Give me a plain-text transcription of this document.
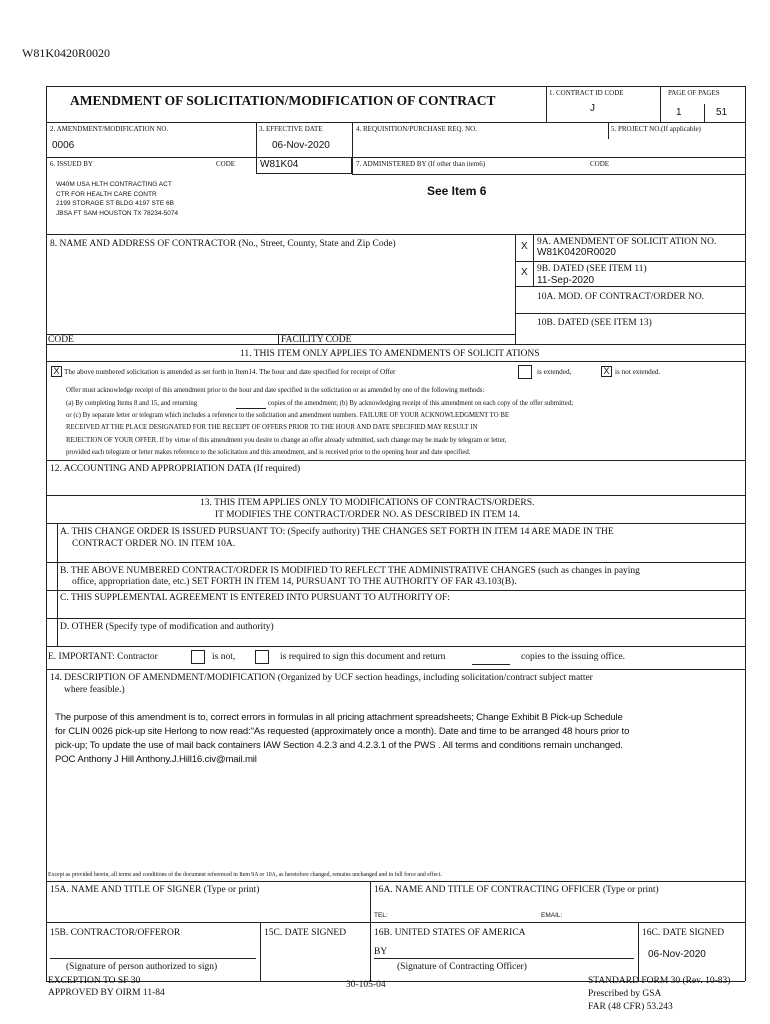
W81K0420R0020
AMENDMENT OF SOLICITATION/MODIFICATION OF CONTRACT	1. CONTRACT ID CODE
J
PAGE OF PAGES
1	51
2. AMENDMENT/MODIFICATION NO.
0006
3. EFFECTIVE DATE
06-Nov-2020
4. REQUISITION/PURCHASE REQ. NO.	5. PROJECT NO.(If applicable)
6. ISSUED BY	CODE W81K04	7. ADMINISTERED BY (If other than item6)	CODE
W40M USA HLTH CONTRACTING ACT
CTR FOR HEALTH CARE CONTR
2199 STORAGE ST BLDG 4197 STE 6B
JBSA FT SAM HOUSTON TX 78234-5074
See Item 6
8. NAME AND ADDRESS OF CONTRACTOR (No., Street, County, State and Zip Code)	X 9A. AMENDMENT OF SOLICIT ATION NO.
W81K0420R0020
X 9B. DATED (SEE ITEM 11)
11-Sep-2020
10A. MOD. OF CONTRACT/ORDER NO.
10B. DATED (SEE ITEM 13)
CODE	FACILITY CODE
11. THIS ITEM ONLY APPLIES TO AMENDMENTS OF SOLICIT ATIONS
X The above numbered solicitation is amended as set forth in Item14. The hour and date specified for receipt of Offer	is extended,	X is not extended.
Offer must acknowledge receipt of this amendment prior to the hour and date specified in the solicitation or as amended by one of the following methods:
(a) By completing Items 8 and 15, and returning	copies of the amendment; (b) By acknowledging receipt of this amendment on each copy of the offer submitted;
or (c) By separate letter or telegram which includes a reference to the solicitation and amendment numbers. FAILURE OF YOUR ACKNOWLEDGMENT TO BE
RECEIVED AT THE PLACE DESIGNATED FOR THE RECEIPT OF OFFERS PRIOR TO THE HOUR AND DATE SPECIFIED MAY RESULT IN
REJECTION OF YOUR OFFER. If by virtue of this amendment you desire to change an offer already submitted, such change may be made by telegram or letter,
provided each telegram or letter makes reference to the solicitation and this amendment, and is received prior to the opening hour and date specified.
12. ACCOUNTING AND APPROPRIATION DATA (If required)
13. THIS ITEM APPLIES ONLY TO MODIFICATIONS OF CONTRACTS/ORDERS.
IT MODIFIES THE CONTRACT/ORDER NO. AS DESCRIBED IN ITEM 14.
A. THIS CHANGE ORDER IS ISSUED PURSUANT TO: (Specify authority) THE CHANGES SET FORTH IN ITEM 14 ARE MADE IN THE
CONTRACT ORDER NO. IN ITEM 10A.
B. THE ABOVE NUMBERED CONTRACT/ORDER IS MODIFIED TO REFLECT THE ADMINISTRATIVE CHANGES (such as changes in paying
office, appropriation date, etc.) SET FORTH IN ITEM 14, PURSUANT TO THE AUTHORITY OF FAR 43.103(B).
C. THIS SUPPLEMENTAL AGREEMENT IS ENTERED INTO PURSUANT TO AUTHORITY OF:
D. OTHER (Specify type of modification and authority)
E. IMPORTANT: Contractor	is not,	is required to sign this document and return	copies to the issuing office.
14. DESCRIPTION OF AMENDMENT/MODIFICATION (Organized by UCF section headings, including solicitation/contract subject matter
where feasible.)
The purpose of this amendment is to, correct errors in formulas in all pricing attachment spreadsheets; Change Exhibit B Pick-up Schedule
for CLIN 0026 pick-up site Herlong to now read:"As requested (approximately once a month). Date and time to be arranged 48 hours prior to
pick-up; To update the use of mail back containers IAW Section 4.2.3 and 4.2.3.1 of the PWS . All terms and conditions remain unchanged.
POC Anthony J Hill Anthony.J.Hill16.civ@mail.mil
Except as provided herein, all terms and conditions of the document referenced in Item 9A or 10A, as heretofore changed, remains unchanged and in full force and effect.
15A. NAME AND TITLE OF SIGNER (Type or print)	16A. NAME AND TITLE OF CONTRACTING OFFICER (Type or print)
TEL:	EMAIL:
15B. CONTRACTOR/OFFEROR	15C. DATE SIGNED	16B. UNITED STATES OF AMERICA	16C. DATE SIGNED
(Signature of person authorized to sign)
BY
(Signature of Contracting Officer)
06-Nov-2020
EXCEPTION TO SF 30
APPROVED BY OIRM 11-84
30-105-04	STANDARD FORM 30 (Rev. 10-83)
Prescribed by GSA
FAR (48 CFR) 53.243
